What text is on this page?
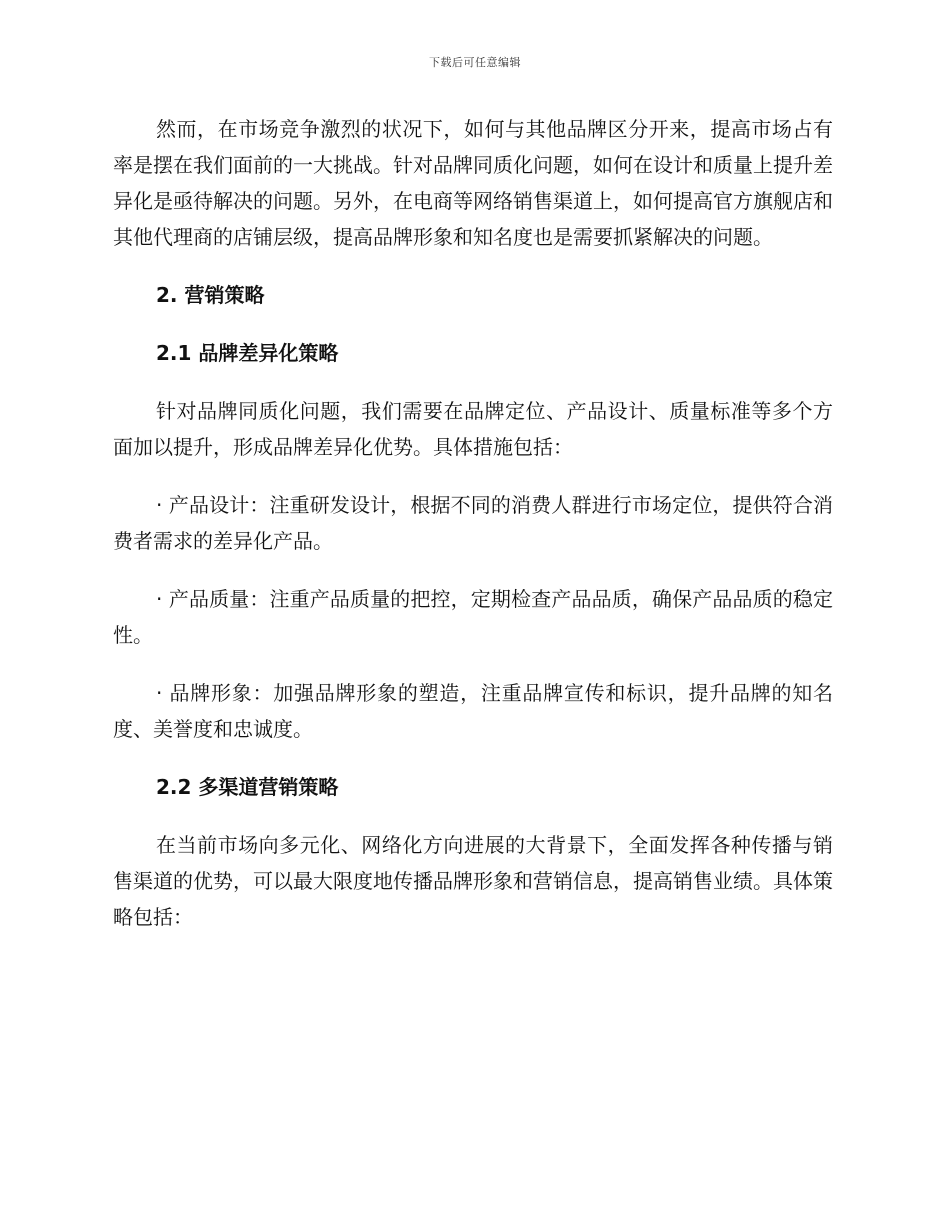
下载后可任意编辑

然而，在市场竞争激烈的状况下，如何与其他品牌区分开来，提高市场占有率是摆在我们面前的一大挑战。针对品牌同质化问题，如何在设计和质量上提升差异化是亟待解决的问题。另外，在电商等网络销售渠道上，如何提高官方旗舰店和其他代理商的店铺层级，提高品牌形象和知名度也是需要抓紧解决的问题。

2. 营销策略
2.1 品牌差异化策略

针对品牌同质化问题，我们需要在品牌定位、产品设计、质量标准等多个方面加以提升，形成品牌差异化优势。具体措施包括：

· 产品设计：注重研发设计，根据不同的消费人群进行市场定位，提供符合消费者需求的差异化产品。

· 产品质量：注重产品质量的把控，定期检查产品品质，确保产品品质的稳定性。

· 品牌形象：加强品牌形象的塑造，注重品牌宣传和标识，提升品牌的知名度、美誉度和忠诚度。

2.2 多渠道营销策略

在当前市场向多元化、网络化方向进展的大背景下，全面发挥各种传播与销售渠道的优势，可以最大限度地传播品牌形象和营销信息，提高销售业绩。具体策略包括：
